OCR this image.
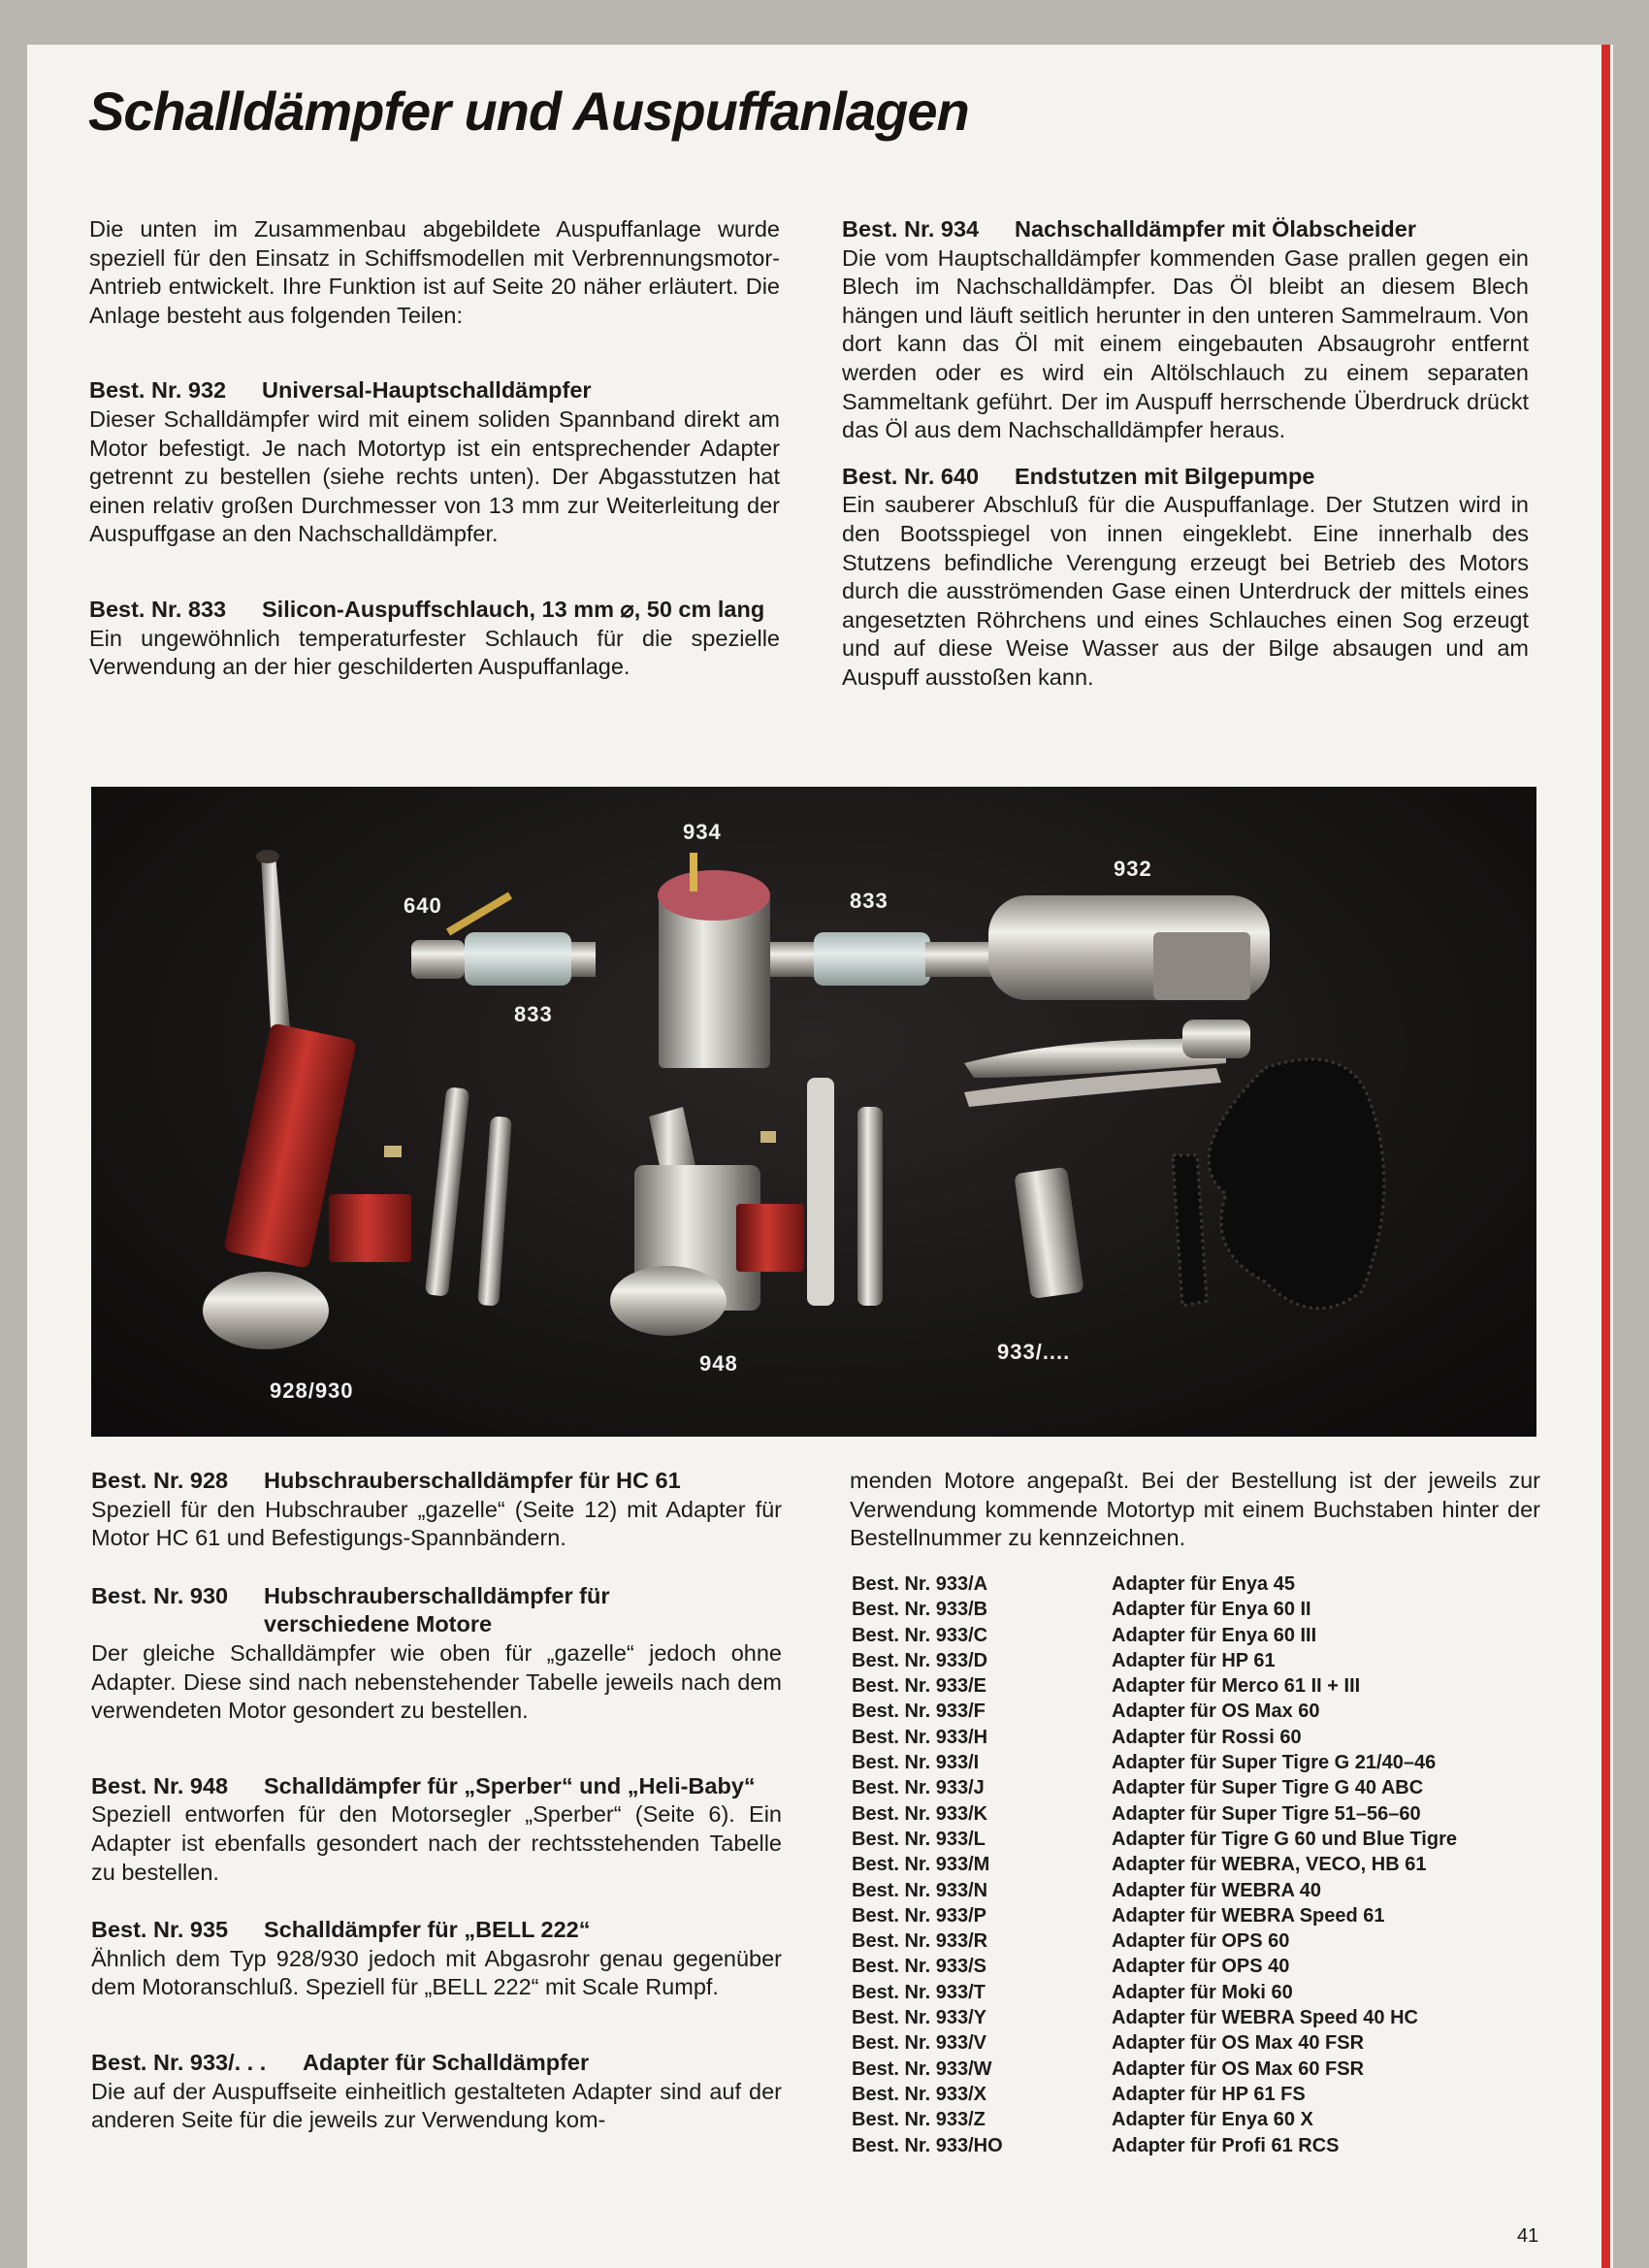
Schalldämpfer und Auspuffanlagen

Die unten im Zusammenbau abgebildete Auspuffanlage wurde speziell für den Einsatz in Schiffsmodellen mit Verbrennungsmotor-Antrieb entwickelt. Ihre Funktion ist auf Seite 20 näher erläutert. Die Anlage besteht aus folgenden Teilen:

Best. Nr. 932	Universal-Hauptschalldämpfer

Dieser Schalldämpfer wird mit einem soliden Spannband direkt am Motor befestigt. Je nach Motortyp ist ein entsprechender Adapter getrennt zu bestellen (siehe rechts unten). Der Abgasstutzen hat einen relativ großen Durchmesser von 13 mm zur Weiterleitung der Auspuffgase an den Nachschalldämpfer.

Best. Nr. 833	Silicon-Auspuffschlauch, 13 mm ⌀, 50 cm lang

Ein ungewöhnlich temperaturfester Schlauch für die spezielle Verwendung an der hier geschilderten Auspuffanlage.

Best. Nr. 934	Nachschalldämpfer mit Ölabscheider

Die vom Hauptschalldämpfer kommenden Gase prallen gegen ein Blech im Nachschalldämpfer. Das Öl bleibt an diesem Blech hängen und läuft seitlich herunter in den unteren Sammelraum. Von dort kann das Öl mit einem eingebauten Absaugrohr entfernt werden oder es wird ein Altölschlauch zu einem separaten Sammeltank geführt. Der im Auspuff herrschende Überdruck drückt das Öl aus dem Nachschalldämpfer heraus.

Best. Nr. 640	Endstutzen mit Bilgepumpe

Ein sauberer Abschluß für die Auspuffanlage. Der Stutzen wird in den Bootsspiegel von innen eingeklebt. Eine innerhalb des Stutzens befindliche Verengung erzeugt bei Betrieb des Motors durch die ausströmenden Gase einen Unterdruck der mittels eines angesetzten Röhrchens und eines Schlauches einen Sog erzeugt und auf diese Weise Wasser aus der Bilge absaugen und am Auspuff ausstoßen kann.

934
932
640	833
833
928/930
948	933/....
Best. Nr. 928	Hubschrauberschalldämpfer für HC 61

Speziell für den Hubschrauber „gazelle“ (Seite 12) mit Adapter für Motor HC 61 und Befestigungs-Spannbändern.

Best. Nr. 930	Hubschrauberschalldämpfer für verschiedene Motore

Der gleiche Schalldämpfer wie oben für „gazelle“ jedoch ohne Adapter. Diese sind nach nebenstehender Tabelle jeweils nach dem verwendeten Motor gesondert zu bestellen.

Best. Nr. 948	Schalldämpfer für „Sperber“ und „Heli-Baby“

Speziell entworfen für den Motorsegler „Sperber“ (Seite 6). Ein Adapter ist ebenfalls gesondert nach der rechtsstehenden Tabelle zu bestellen.

Best. Nr. 935	Schalldämpfer für „BELL 222“

Ähnlich dem Typ 928/930 jedoch mit Abgasrohr genau gegenüber dem Motoranschluß. Speziell für „BELL 222“ mit Scale Rumpf.

Best. Nr. 933/. . .	Adapter für Schalldämpfer

Die auf der Auspuffseite einheitlich gestalteten Adapter sind auf der anderen Seite für die jeweils zur Verwendung kom-

menden Motore angepaßt. Bei der Bestellung ist der jeweils zur Verwendung kommende Motortyp mit einem Buchstaben hinter der Bestellnummer zu kennzeichnen.

Best. Nr. 933/A	Adapter für Enya 45
Best. Nr. 933/B	Adapter für Enya 60 II
Best. Nr. 933/C	Adapter für Enya 60 III
Best. Nr. 933/D	Adapter für HP 61
Best. Nr. 933/E	Adapter für Merco 61 II + III
Best. Nr. 933/F	Adapter für OS Max 60
Best. Nr. 933/H	Adapter für Rossi 60
Best. Nr. 933/I	Adapter für Super Tigre G 21/40–46
Best. Nr. 933/J	Adapter für Super Tigre G 40 ABC
Best. Nr. 933/K	Adapter für Super Tigre 51–56–60
Best. Nr. 933/L	Adapter für Tigre G 60 und Blue Tigre
Best. Nr. 933/M	Adapter für WEBRA, VECO, HB 61
Best. Nr. 933/N	Adapter für WEBRA 40
Best. Nr. 933/P	Adapter für WEBRA Speed 61
Best. Nr. 933/R	Adapter für OPS 60
Best. Nr. 933/S	Adapter für OPS 40
Best. Nr. 933/T	Adapter für Moki 60
Best. Nr. 933/Y	Adapter für WEBRA Speed 40 HC
Best. Nr. 933/V	Adapter für OS Max 40 FSR
Best. Nr. 933/W	Adapter für OS Max 60 FSR
Best. Nr. 933/X	Adapter für HP 61 FS
Best. Nr. 933/Z	Adapter für Enya 60 X
Best. Nr. 933/HO	Adapter für Profi 61 RCS
41
